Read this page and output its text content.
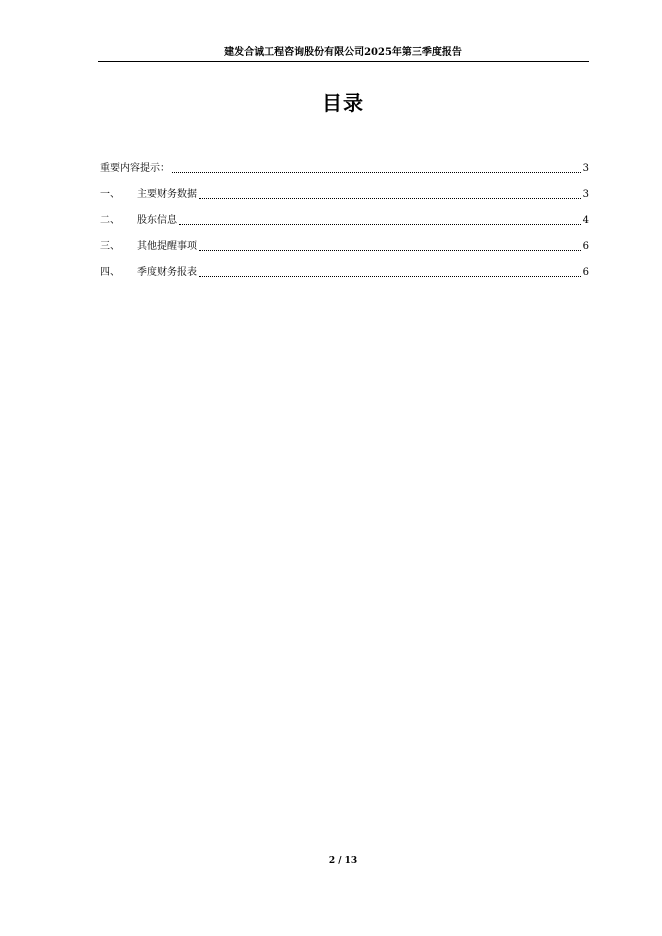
建发合诚工程咨询股份有限公司2025年第三季度报告
目录
重要内容提示：	3
一、	主要财务数据	3
二、	股东信息	4
三、	其他提醒事项	6
四、	季度财务报表	6
2 / 13
